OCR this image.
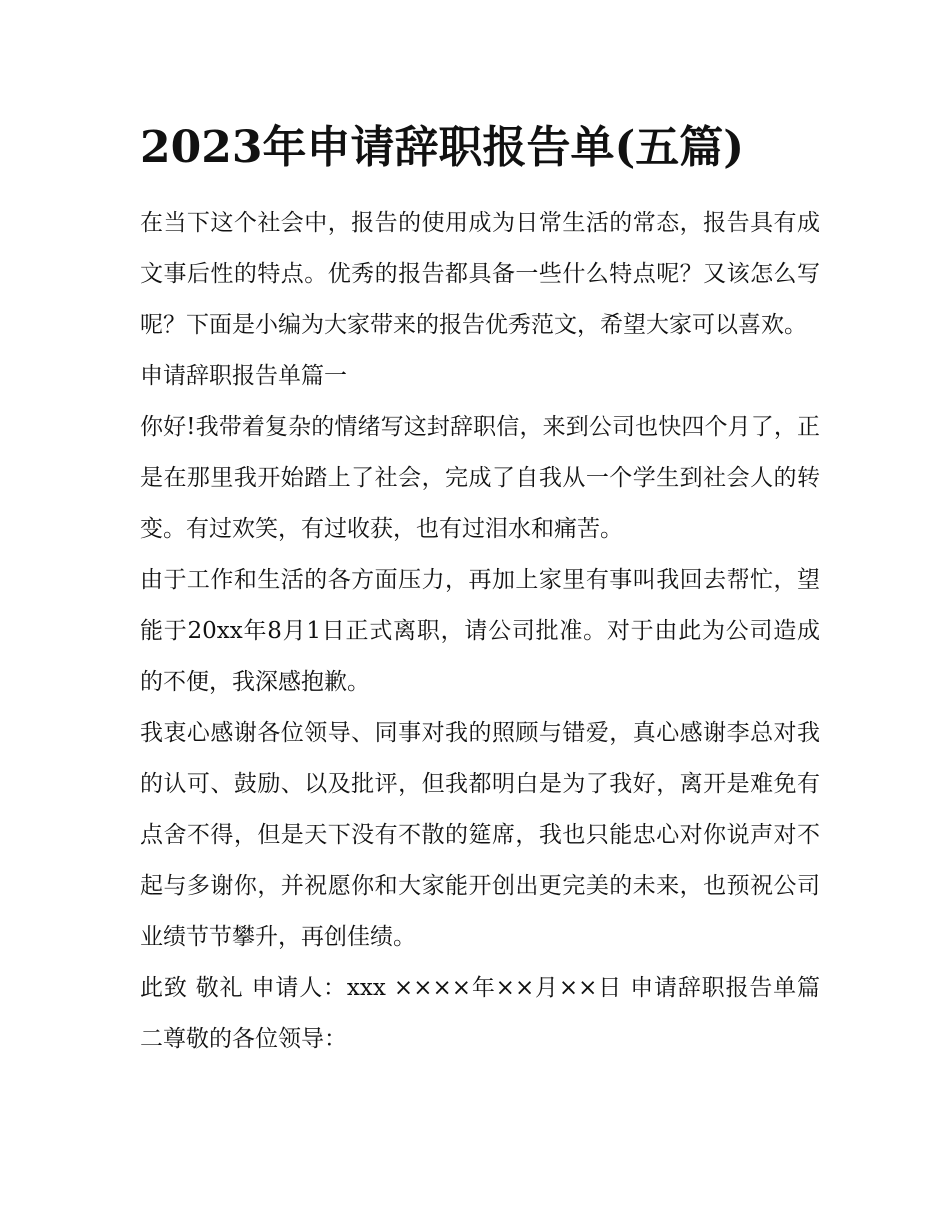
2023年申请辞职报告单(五篇)

在当下这个社会中，报告的使用成为日常生活的常态，报告具有成文事后性的特点。优秀的报告都具备一些什么特点呢？又该怎么写呢？下面是小编为大家带来的报告优秀范文，希望大家可以喜欢。

申请辞职报告单篇一

你好!我带着复杂的情绪写这封辞职信，来到公司也快四个月了，正是在那里我开始踏上了社会，完成了自我从一个学生到社会人的转变。有过欢笑，有过收获，也有过泪水和痛苦。

由于工作和生活的各方面压力，再加上家里有事叫我回去帮忙，望能于20xx年8月1日正式离职，请公司批准。对于由此为公司造成的不便，我深感抱歉。

我衷心感谢各位领导、同事对我的照顾与错爱，真心感谢李总对我的认可、鼓励、以及批评，但我都明白是为了我好，离开是难免有点舍不得，但是天下没有不散的筵席，我也只能忠心对你说声对不起与多谢你，并祝愿你和大家能开创出更完美的未来，也预祝公司业绩节节攀升，再创佳绩。

此致 敬礼 申请人：xxx ××××年××月××日 申请辞职报告单篇二尊敬的各位领导：
